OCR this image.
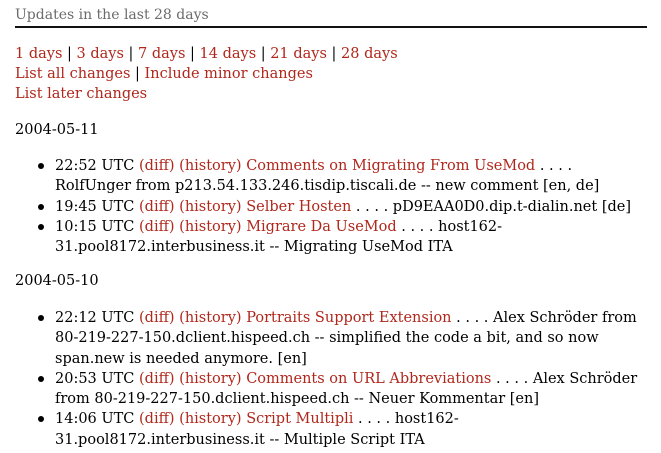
Updates in the last 28 days
1 days | 3 days | 7 days | 14 days | 21 days | 28 days
List all changes | Include minor changes
List later changes
2004-05-11
22:52 UTC (diff) (history) Comments on Migrating From UseMod . . . . RolfUnger from p213.54.133.246.tisdip.tiscali.de -- new comment [en, de]
19:45 UTC (diff) (history) Selber Hosten . . . . pD9EAA0D0.dip.t-dialin.net [de]
10:15 UTC (diff) (history) Migrare Da UseMod . . . . host162-31.pool8172.interbusiness.it -- Migrating UseMod ITA
2004-05-10
22:12 UTC (diff) (history) Portraits Support Extension . . . . Alex Schröder from 80-219-227-150.dclient.hispeed.ch -- simplified the code a bit, and so now span.new is needed anymore. [en]
20:53 UTC (diff) (history) Comments on URL Abbreviations . . . . Alex Schröder from 80-219-227-150.dclient.hispeed.ch -- Neuer Kommentar [en]
14:06 UTC (diff) (history) Script Multipli . . . . host162-31.pool8172.interbusiness.it -- Multiple Script ITA
